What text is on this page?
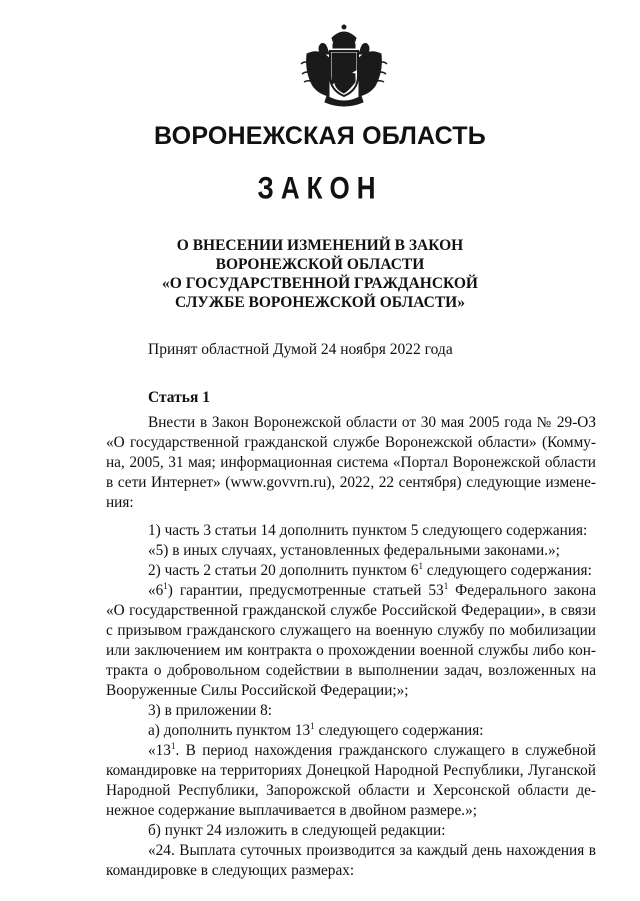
ВОРОНЕЖСКАЯ ОБЛАСТЬ
ЗАКОН
О ВНЕСЕНИИ ИЗМЕНЕНИЙ В ЗАКОН
ВОРОНЕЖСКОЙ ОБЛАСТИ
«О ГОСУДАРСТВЕННОЙ ГРАЖДАНСКОЙ
СЛУЖБЕ ВОРОНЕЖСКОЙ ОБЛАСТИ»
Принят областной Думой 24 ноября 2022 года
Статья 1
Внести в Закон Воронежской области от 30 мая 2005 года № 29-ОЗ
«О государственной гражданской службе Воронежской области» (Комму-
на, 2005, 31 мая; информационная система «Портал Воронежской области
в сети Интернет» (www.govvrn.ru), 2022, 22 сентября) следующие измене-
ния:
1) часть 3 статьи 14 дополнить пунктом 5 следующего содержания:
«5) в иных случаях, установленных федеральными законами.»;
2) часть 2 статьи 20 дополнить пунктом $6^1$ следующего содержания:
«$6^1$) гарантии, предусмотренные статьей $53^1$ Федерального закона
«О государственной гражданской службе Российской Федерации», в связи
с призывом гражданского служащего на военную службу по мобилизации
или заключением им контракта о прохождении военной службы либо кон-
тракта о добровольном содействии в выполнении задач, возложенных на
Вооруженные Силы Российской Федерации;»;
3) в приложении 8:
а) дополнить пунктом $13^1$ следующего содержания:
«$13^1$. В период нахождения гражданского служащего в служебной
командировке на территориях Донецкой Народной Республики, Луганской
Народной Республики, Запорожской области и Херсонской области де-
нежное содержание выплачивается в двойном размере.»;
б) пункт 24 изложить в следующей редакции:
«24. Выплата суточных производится за каждый день нахождения в
командировке в следующих размерах:
